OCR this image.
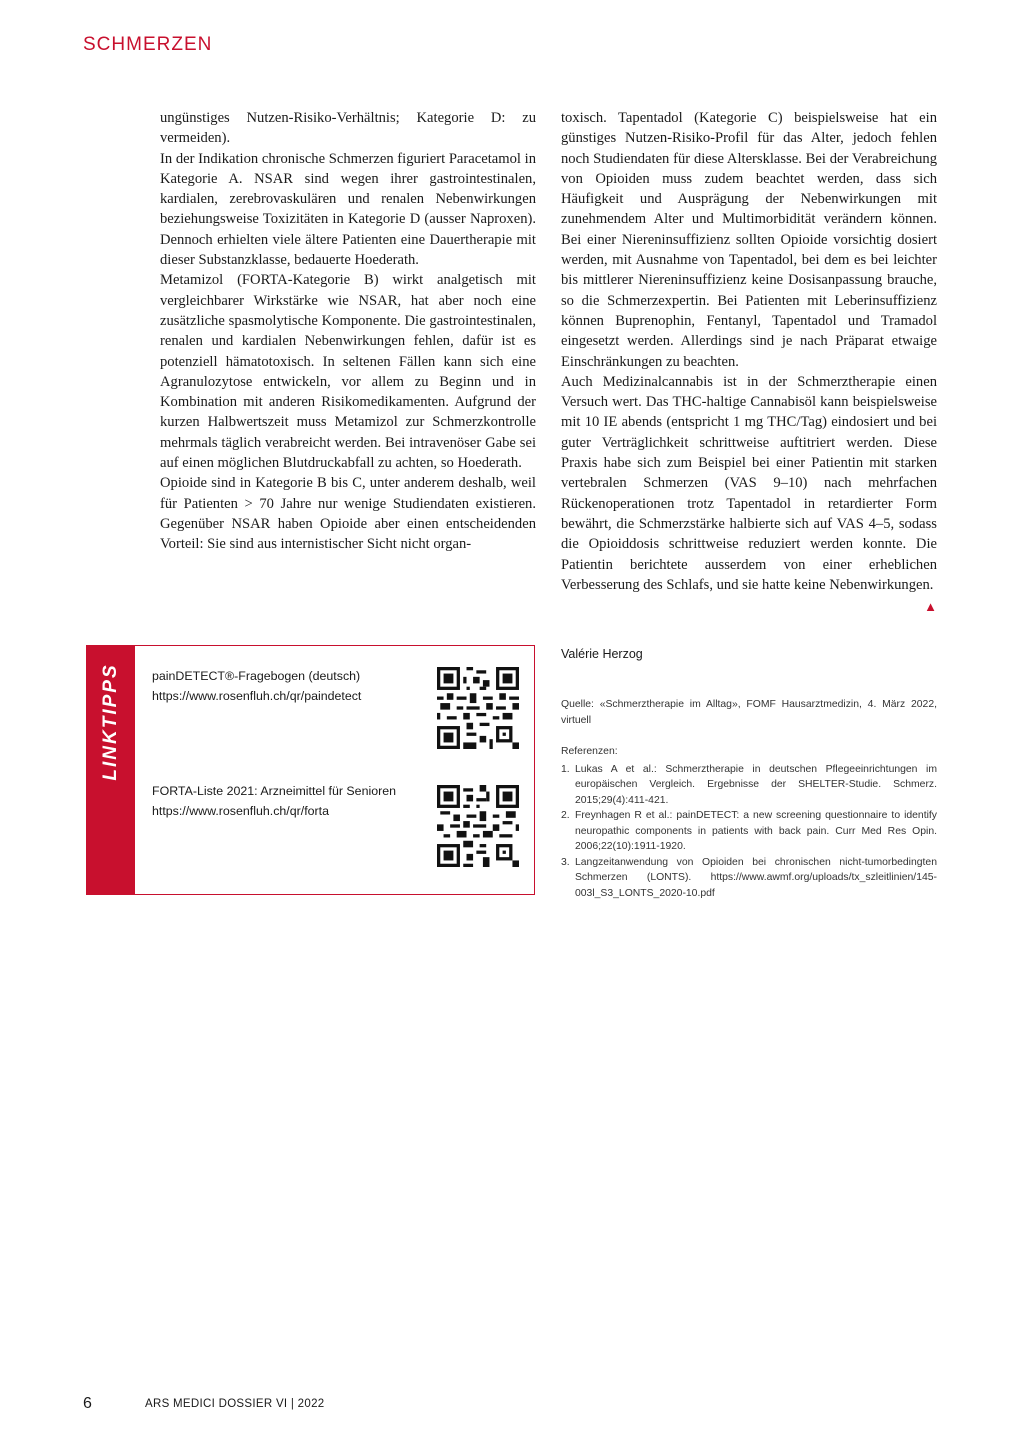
SCHMERZEN

ungünstiges Nutzen-Risiko-Verhältnis; Kategorie D: zu vermeiden).

In der Indikation chronische Schmerzen figuriert Paracetamol in Kategorie A. NSAR sind wegen ihrer gastrointestinalen, kardialen, zerebrovaskulären und renalen Nebenwirkungen beziehungsweise Toxizitäten in Kategorie D (ausser Naproxen). Dennoch erhielten viele ältere Patienten eine Dauertherapie mit dieser Substanzklasse, bedauerte Hoederath.

Metamizol (FORTA-Kategorie B) wirkt analgetisch mit vergleichbarer Wirkstärke wie NSAR, hat aber noch eine zusätzliche spasmolytische Komponente. Die gastrointestinalen, renalen und kardialen Nebenwirkungen fehlen, dafür ist es potenziell hämatotoxisch. In seltenen Fällen kann sich eine Agranulozytose entwickeln, vor allem zu Beginn und in Kombination mit anderen Risikomedikamenten. Aufgrund der kurzen Halbwertszeit muss Metamizol zur Schmerzkontrolle mehrmals täglich verabreicht werden. Bei intravenöser Gabe sei auf einen möglichen Blutdruckabfall zu achten, so Hoederath.

Opioide sind in Kategorie B bis C, unter anderem deshalb, weil für Patienten > 70 Jahre nur wenige Studiendaten existieren. Gegenüber NSAR haben Opioide aber einen entscheidenden Vorteil: Sie sind aus internistischer Sicht nicht organ-

toxisch. Tapentadol (Kategorie C) beispielsweise hat ein günstiges Nutzen-Risiko-Profil für das Alter, jedoch fehlen noch Studiendaten für diese Altersklasse. Bei der Verabreichung von Opioiden muss zudem beachtet werden, dass sich Häufigkeit und Ausprägung der Nebenwirkungen mit zunehmendem Alter und Multimorbidität verändern können. Bei einer Niereninsuffizienz sollten Opioide vorsichtig dosiert werden, mit Ausnahme von Tapentadol, bei dem es bei leichter bis mittlerer Niereninsuffizienz keine Dosisanpassung brauche, so die Schmerzexpertin. Bei Patienten mit Leberinsuffizienz können Buprenophin, Fentanyl, Tapentadol und Tramadol eingesetzt werden. Allerdings sind je nach Präparat etwaige Einschränkungen zu beachten.

Auch Medizinalcannabis ist in der Schmerztherapie einen Versuch wert. Das THC-haltige Cannabisöl kann beispielsweise mit 10 IE abends (entspricht 1 mg THC/Tag) eindosiert und bei guter Verträglichkeit schrittweise auftitriert werden. Diese Praxis habe sich zum Beispiel bei einer Patientin mit starken vertebralen Schmerzen (VAS 9–10) nach mehrfachen Rückenoperationen trotz Tapentadol in retardierter Form bewährt, die Schmerzstärke halbierte sich auf VAS 4–5, sodass die Opioiddosis schrittweise reduziert werden konnte. Die Patientin berichtete ausserdem von einer erheblichen Verbesserung des Schlafs, und sie hatte keine Nebenwirkungen.
▲

Valérie Herzog
Quelle: «Schmerztherapie im Alltag», FOMF Hausarztmedizin, 4. März 2022, virtuell

Referenzen:

1. Lukas A et al.: Schmerztherapie in deutschen Pflegeeinrichtungen im europäischen Vergleich. Ergebnisse der SHELTER-Studie. Schmerz. 2015;29(4):411-421.
2. Freynhagen R et al.: painDETECT: a new screening questionnaire to identify neuropathic components in patients with back pain. Curr Med Res Opin. 2006;22(10):1911-1920.
3. Langzeitanwendung von Opioiden bei chronischen nicht-tumorbedingten Schmerzen (LONTS). https://www.awmf.org/uploads/tx_szleitlinien/145-003l_S3_LONTS_2020-10.pdf
LINKTIPPS	painDETECT®-Fragebogen (deutsch)
https://www.rosenfluh.ch/qr/paindetect
FORTA-Liste 2021: Arzneimittel für Senioren
https://www.rosenfluh.ch/qr/forta
6	ARS MEDICI DOSSIER VI | 2022
